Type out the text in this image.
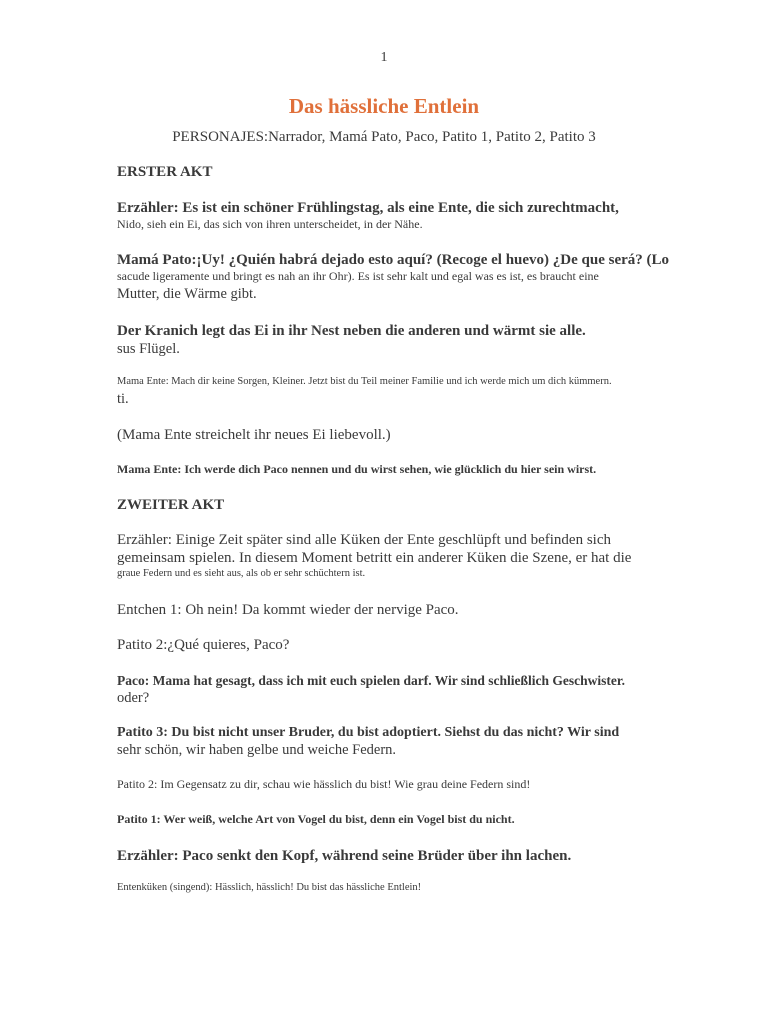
1
Das hässliche Entlein
PERSONAJES:Narrador, Mamá Pato, Paco, Patito 1, Patito 2, Patito 3
ERSTER AKT
Erzähler: Es ist ein schöner Frühlingstag, als eine Ente, die sich zurechtmacht,
Nido, sieh ein Ei, das sich von ihren unterscheidet, in der Nähe.
Mamá Pato:¡Uy! ¿Quién habrá dejado esto aquí? (Recoge el huevo) ¿De que será? (Lo
sacude ligeramente und bringt es nah an ihr Ohr). Es ist sehr kalt und egal was es ist, es braucht eine
Mutter, die Wärme gibt.
Der Kranich legt das Ei in ihr Nest neben die anderen und wärmt sie alle.
sus Flügel.
Mama Ente: Mach dir keine Sorgen, Kleiner. Jetzt bist du Teil meiner Familie und ich werde mich um dich kümmern.
ti.
(Mama Ente streichelt ihr neues Ei liebevoll.)
Mama Ente: Ich werde dich Paco nennen und du wirst sehen, wie glücklich du hier sein wirst.
ZWEITER AKT
Erzähler: Einige Zeit später sind alle Küken der Ente geschlüpft und befinden sich
gemeinsam spielen. In diesem Moment betritt ein anderer Küken die Szene, er hat die
graue Federn und es sieht aus, als ob er sehr schüchtern ist.
Entchen 1: Oh nein! Da kommt wieder der nervige Paco.
Patito 2:¿Qué quieres, Paco?
Paco: Mama hat gesagt, dass ich mit euch spielen darf. Wir sind schließlich Geschwister.
oder?
Patito 3: Du bist nicht unser Bruder, du bist adoptiert. Siehst du das nicht? Wir sind
sehr schön, wir haben gelbe und weiche Federn.
Patito 2: Im Gegensatz zu dir, schau wie hässlich du bist! Wie grau deine Federn sind!
Patito 1: Wer weiß, welche Art von Vogel du bist, denn ein Vogel bist du nicht.
Erzähler: Paco senkt den Kopf, während seine Brüder über ihn lachen.
Entenküken (singend): Hässlich, hässlich! Du bist das hässliche Entlein!
